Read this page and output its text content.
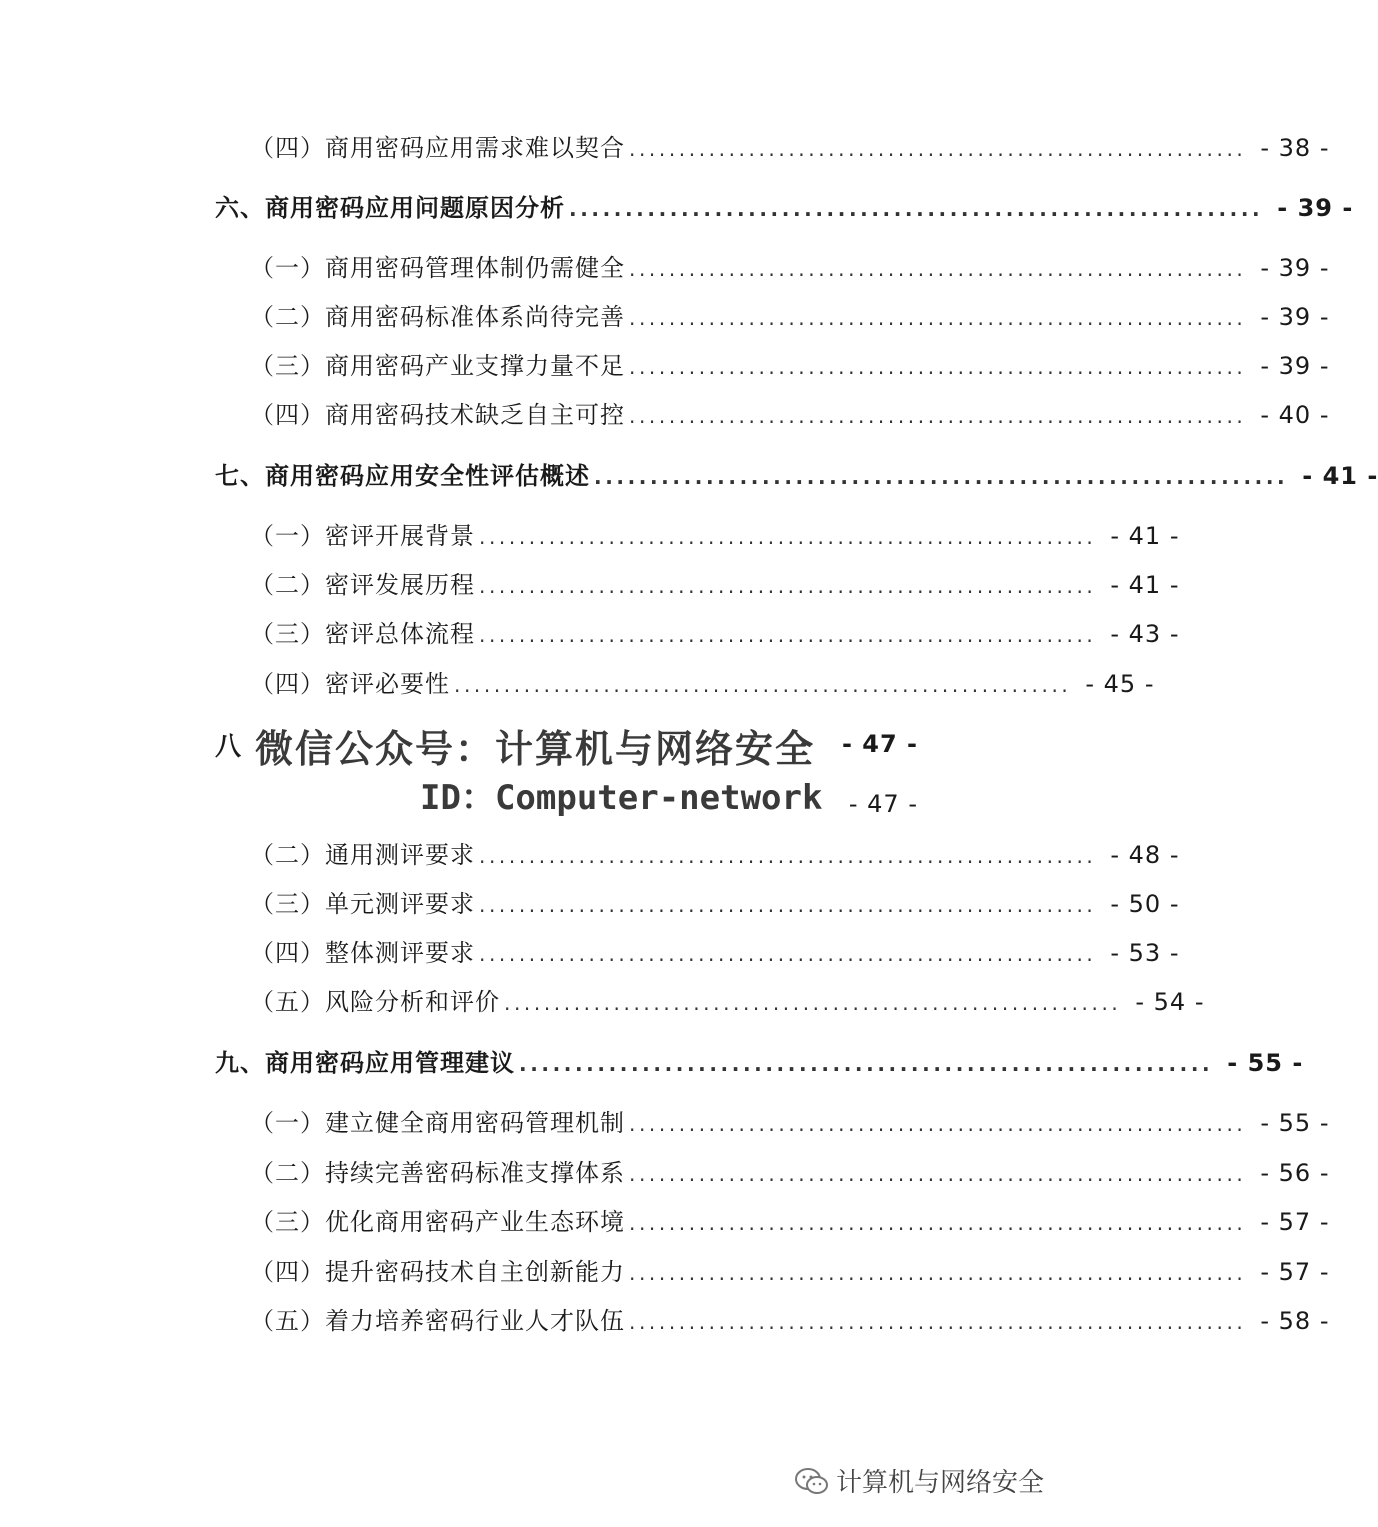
（四）商用密码应用需求难以契合 .............................................................. - 38 -
六、商用密码应用问题原因分析 .............................................................. - 39 -
（一）商用密码管理体制仍需健全 .............................................................. - 39 -
（二）商用密码标准体系尚待完善 .............................................................. - 39 -
（三）商用密码产业支撑力量不足 .............................................................. - 39 -
（四）商用密码技术缺乏自主可控 .............................................................. - 40 -
七、商用密码应用安全性评估概述 .............................................................. - 41 -
（一）密评开展背景 .............................................................. - 41 -
（二）密评发展历程 .............................................................. - 41 -
（三）密评总体流程 .............................................................. - 43 -
（四）密评必要性 .............................................................. - 45 -
八 微信公众号：计算机与网络安全 - 47 -
ID：Computer-network - 47 -
（二）通用测评要求 .............................................................. - 48 -
（三）单元测评要求 .............................................................. - 50 -
（四）整体测评要求 .............................................................. - 53 -
（五）风险分析和评价 .............................................................. - 54 -
九、商用密码应用管理建议 .............................................................. - 55 -
（一）建立健全商用密码管理机制 .............................................................. - 55 -
（二）持续完善密码标准支撑体系 .............................................................. - 56 -
（三）优化商用密码产业生态环境 .............................................................. - 57 -
（四）提升密码技术自主创新能力 .............................................................. - 57 -
（五）着力培养密码行业人才队伍 .............................................................. - 58 -
计算机与网络安全
